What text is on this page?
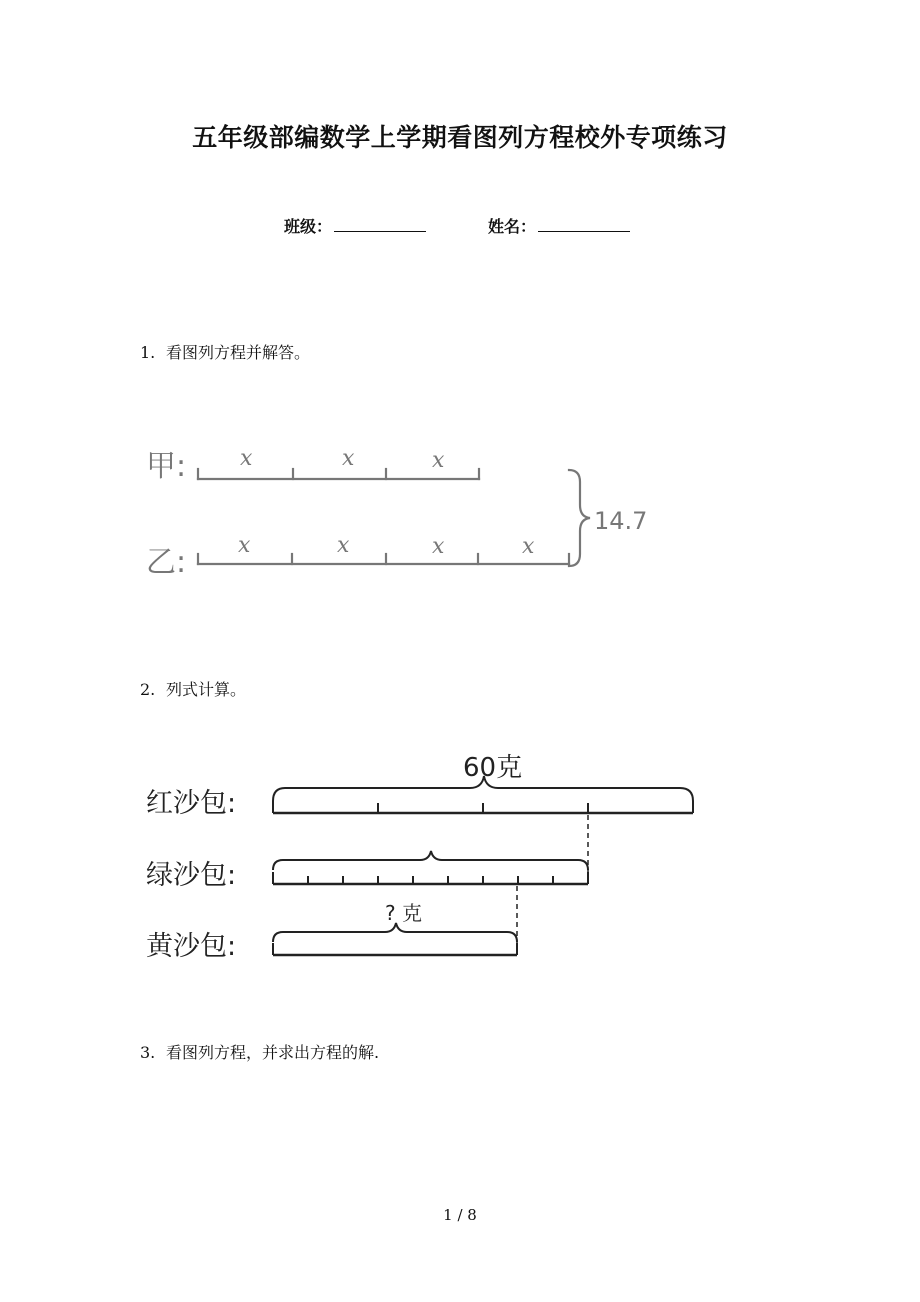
五年级部编数学上学期看图列方程校外专项练习
班级：	姓名：
1. 看图列方程并解答。
2. 列式计算。
3. 看图列方程，并求出方程的解.
甲:
乙:
x	x	x
x	x	x	x
14.7
红沙包:
绿沙包:
黄沙包:
60克
? 克
1 / 8
